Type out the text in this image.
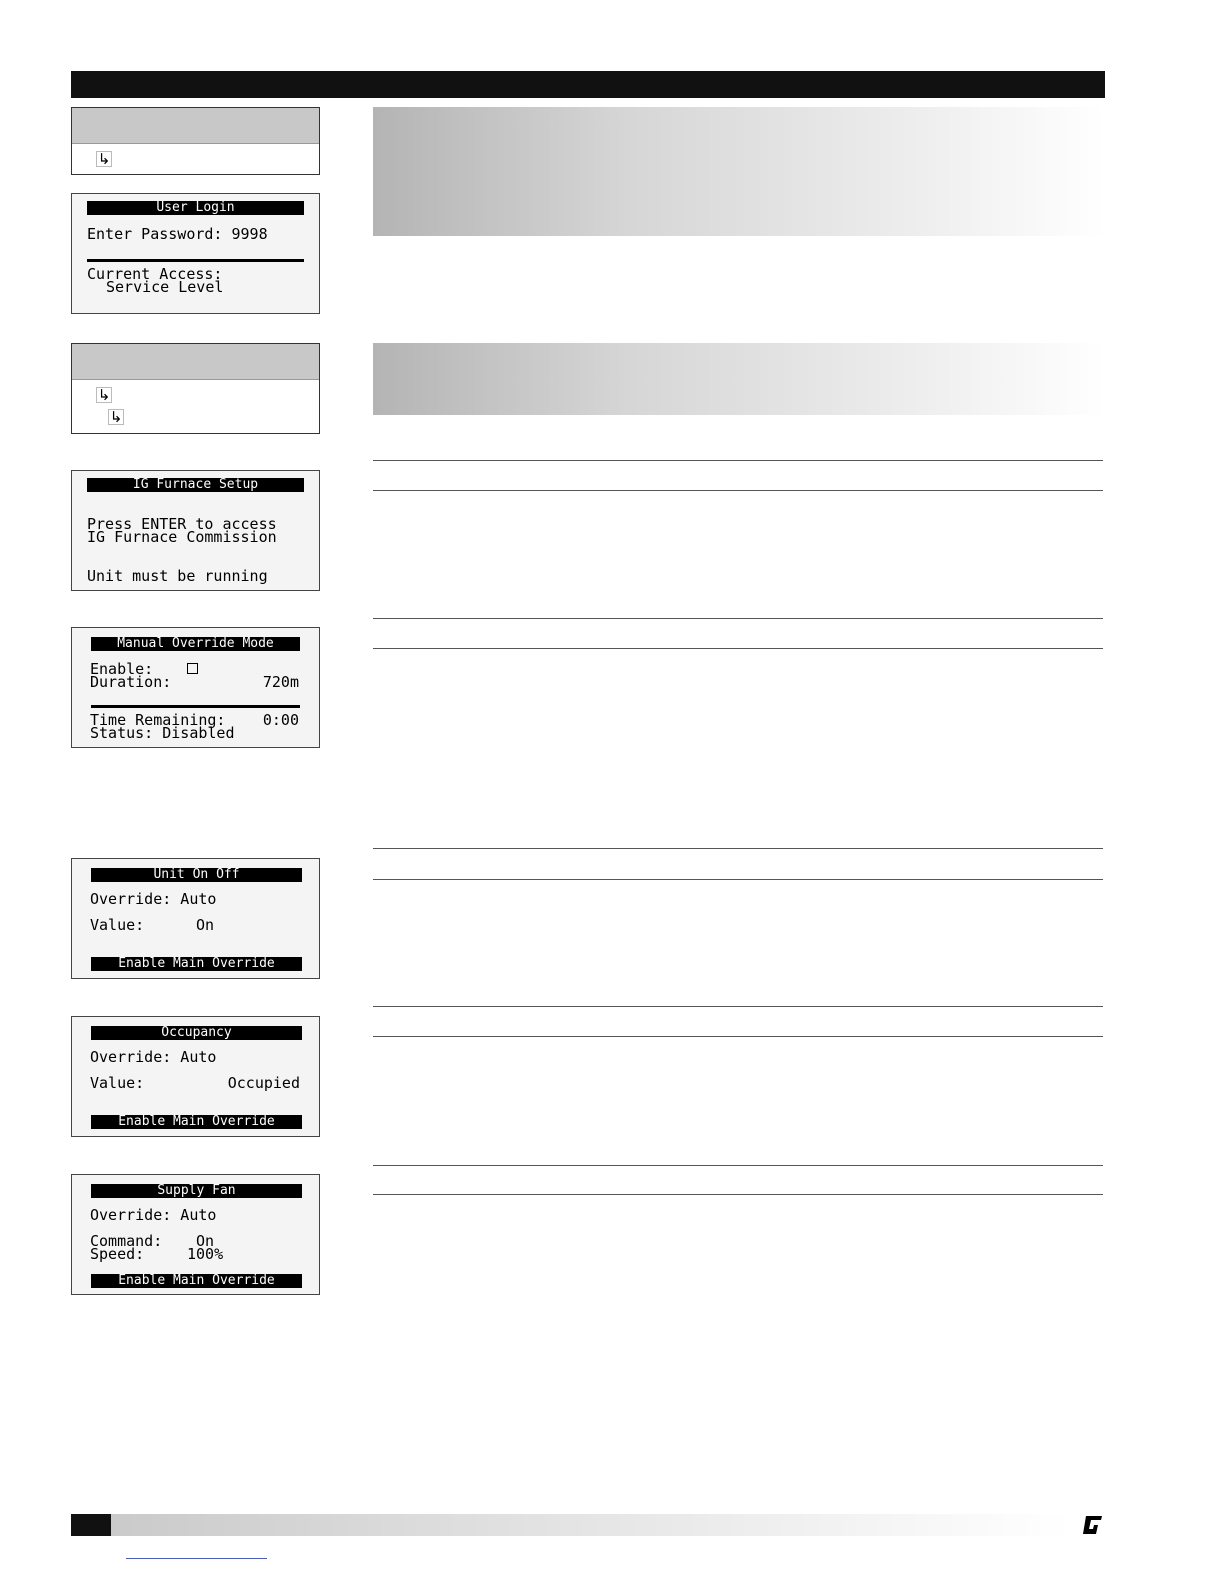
↳
User Login
Enter Password: 9998
Current Access:
Service Level
↳
↳
IG Furnace Setup
Press ENTER to access
IG Furnace Commission
Unit must be running
Manual Override Mode
Enable:
Duration:	720m
Time Remaining: 0:00
Status: Disabled
Unit On Off
Override: Auto
Value:	On
Enable Main Override
Occupancy
Override: Auto
Value:	Occupied
Enable Main Override
Supply Fan
Override: Auto
Command: On
Speed:	100%
Enable Main Override
